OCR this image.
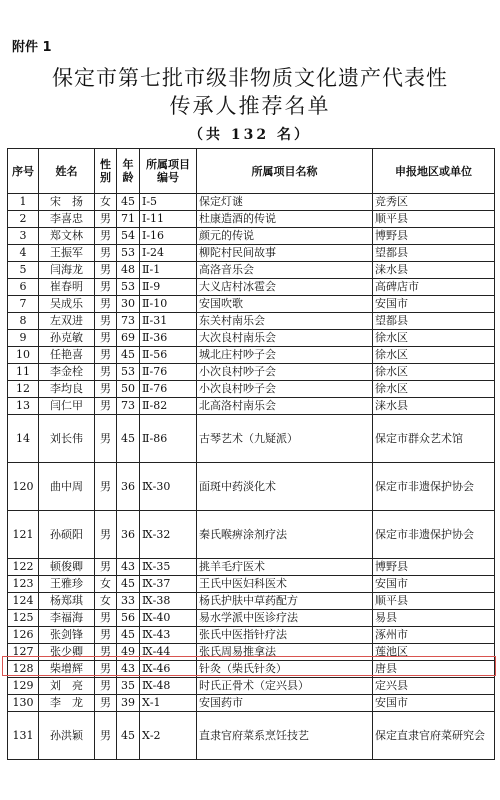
附件 1
保定市第七批市级非物质文化遗产代表性
传承人推荐名单
（共 132 名）
序号	姓名	性别	年龄	所属项目编号	所属项目名称	申报地区或单位
1	宋　扬	女	45	Ⅰ-5	保定灯谜	竞秀区
2	李喜忠	男	71	Ⅰ-11	杜康造酒的传说	顺平县
3	郑文林	男	54	Ⅰ-16	颜元的传说	博野县
4	王振军	男	53	Ⅰ-24	柳陀村民间故事	望都县
5	闫海龙	男	48	Ⅱ-1	高洛音乐会	涞水县
6	崔春明	男	53	Ⅱ-9	大义店村冰雹会	高碑店市
7	吴成乐	男	30	Ⅱ-10	安国吹歌	安国市
8	左双进	男	73	Ⅱ-31	东关村南乐会	望都县
9	孙克敏	男	69	Ⅱ-36	大次良村南乐会	徐水区
10	任艳喜	男	45	Ⅱ-56	城北庄村吵子会	徐水区
11	李金栓	男	53	Ⅱ-76	小次良村吵子会	徐水区
12	李均良	男	50	Ⅱ-76	小次良村吵子会	徐水区
13	闫仁甲	男	73	Ⅱ-82	北高洛村南乐会	涞水县
14	刘长伟	男	45	Ⅱ-86	古琴艺术（九疑派）	保定市群众艺术馆
120	曲中周	男	36	Ⅸ-30	面斑中药淡化术	保定市非遗保护协会
121	孙硕阳	男	36	Ⅸ-32	秦氏喉痹涂剂疗法	保定市非遗保护协会
122	顿俊卿	男	43	Ⅸ-35	挑羊毛疔医术	博野县
123	王雅珍	女	45	Ⅸ-37	王氏中医妇科医术	安国市
124	杨郑琪	女	33	Ⅸ-38	杨氏护肤中草药配方	顺平县
125	李福海	男	56	Ⅸ-40	易水学派中医诊疗法	易县
126	张剑锋	男	45	Ⅸ-43	张氏中医指针疗法	涿州市
127	张少卿	男	49	Ⅸ-44	张氏周易推拿法	莲池区
128	柴增辉	男	43	Ⅸ-46	针灸（柴氏针灸）	唐县
129	刘　亮	男	35	Ⅸ-48	时氏正骨术（定兴县）	定兴县
130	李　龙	男	39	Ⅹ-1	安国药市	安国市
131	孙洪颖	男	45	Ⅹ-2	直隶官府菜系烹饪技艺	保定直隶官府菜研究会
